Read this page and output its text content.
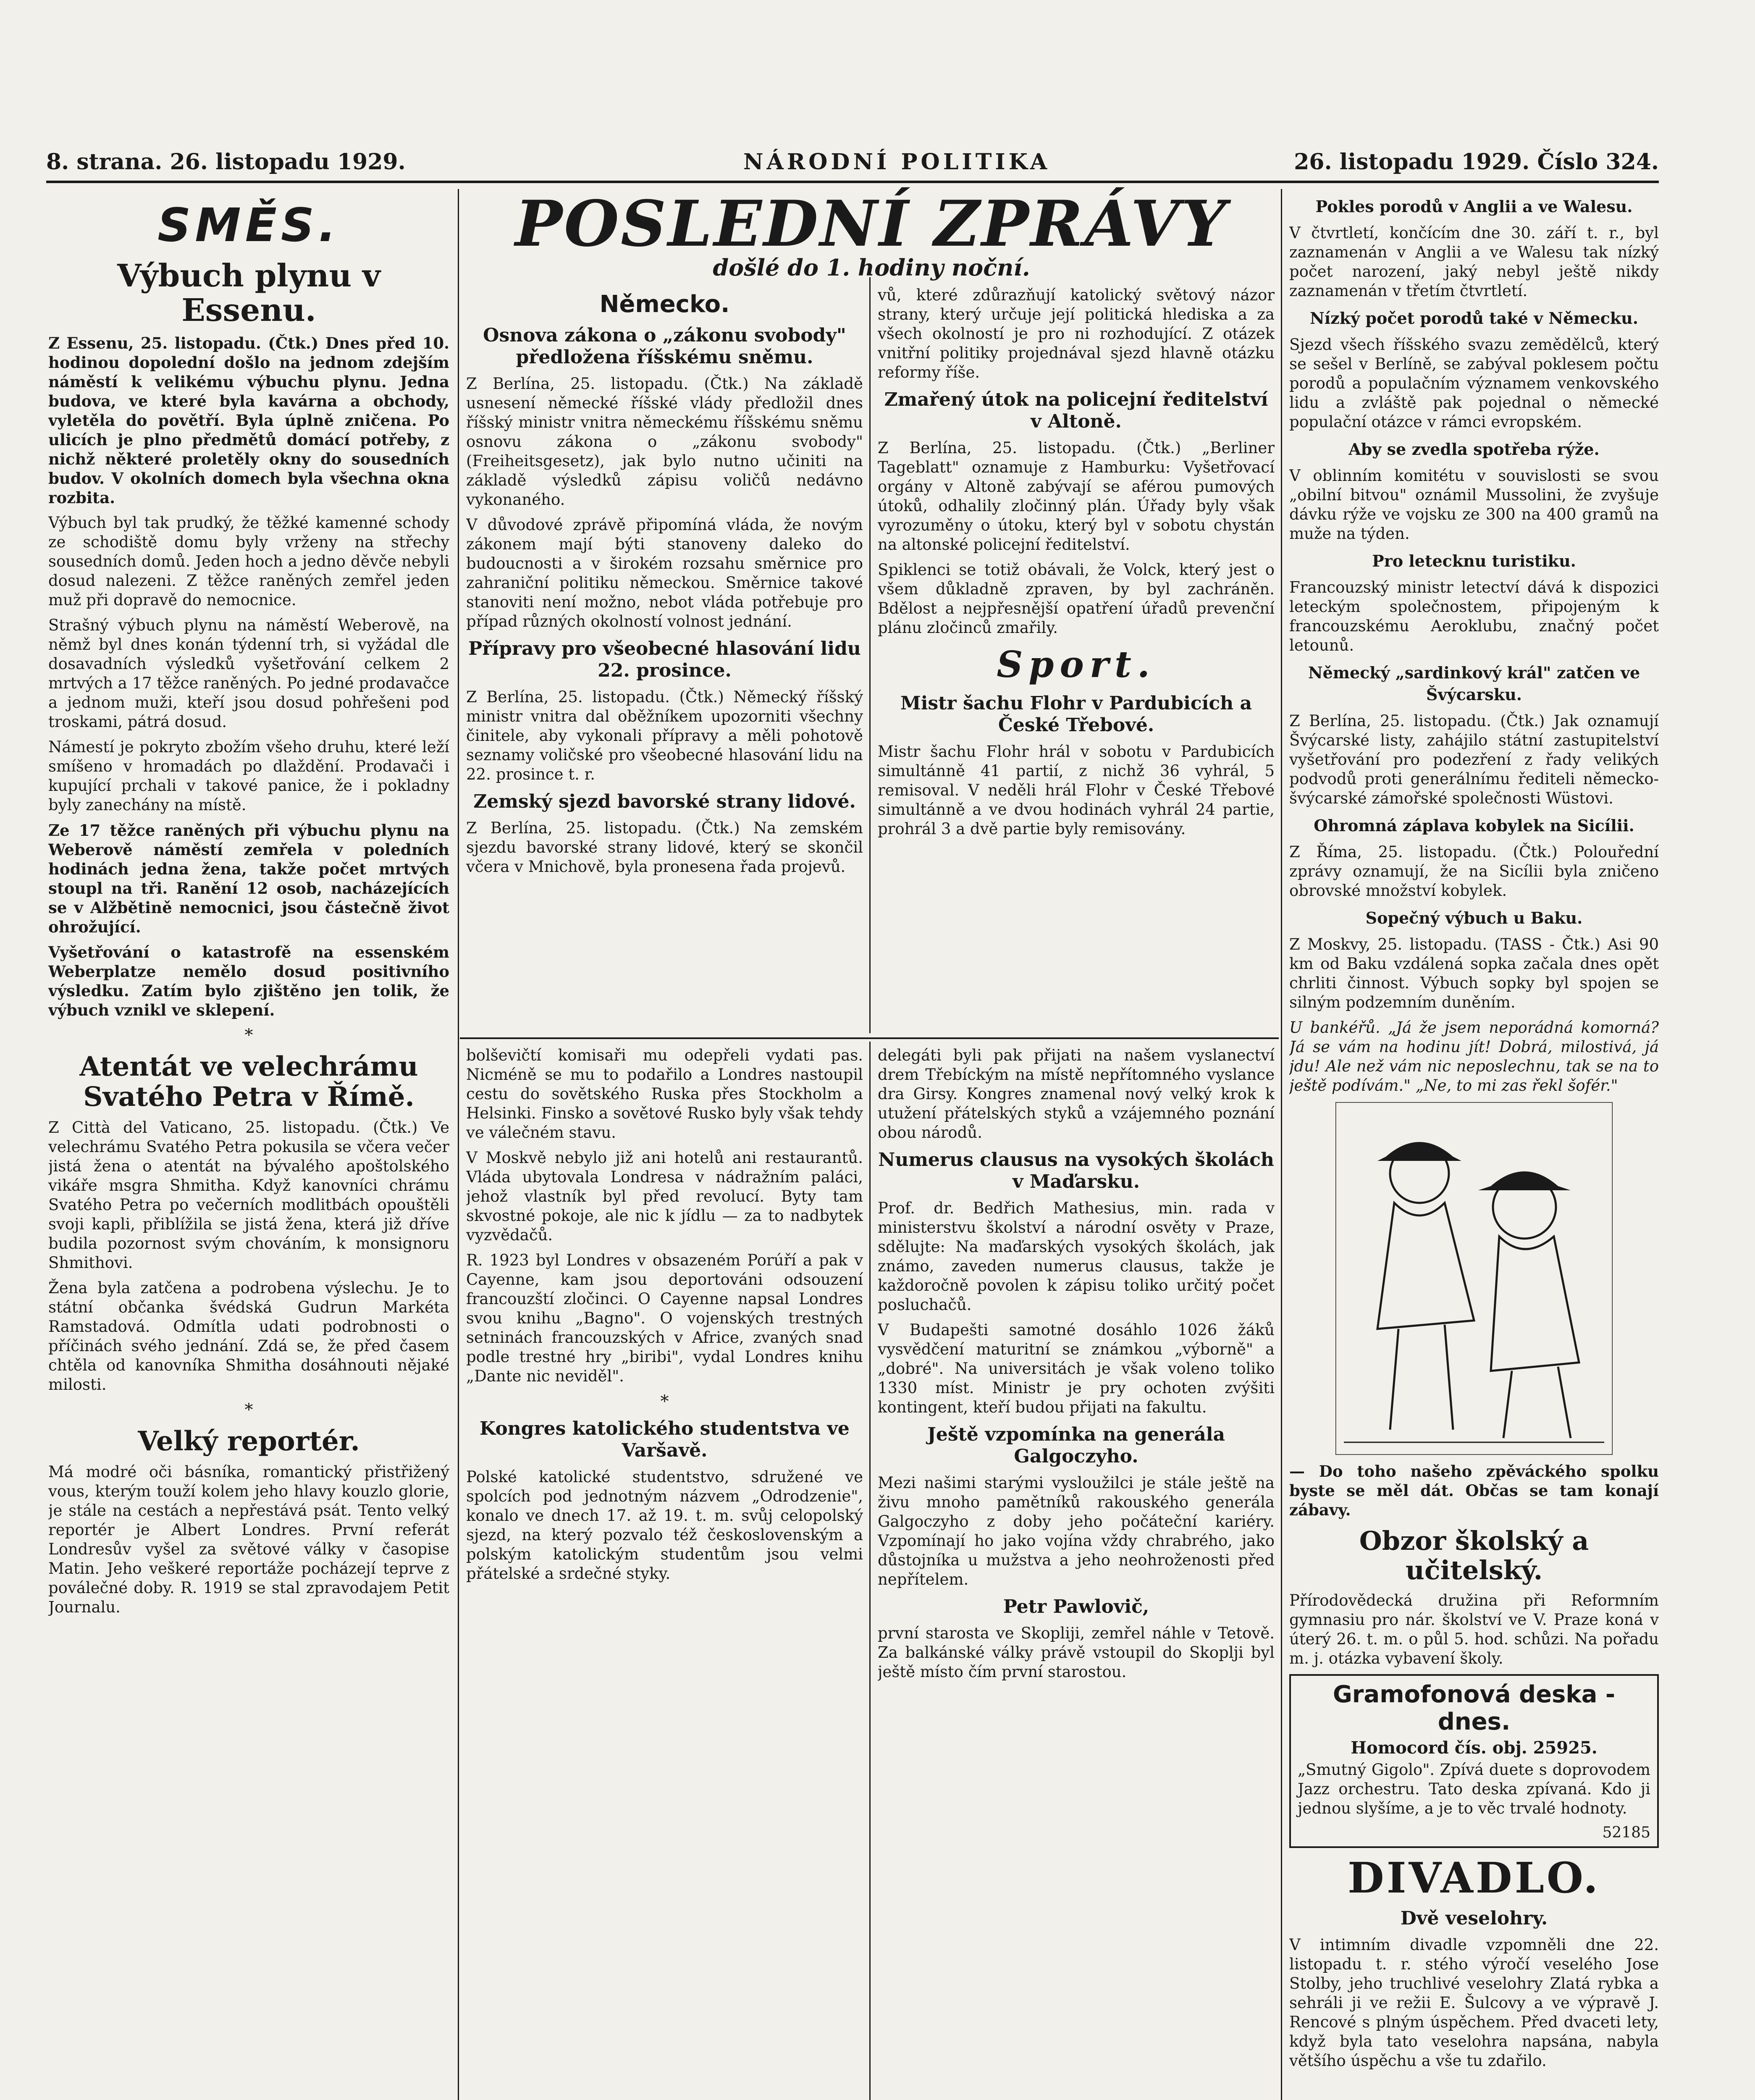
8. strana. 26. listopadu 1929.	NÁRODNÍ POLITIKA	26. listopadu 1929. Číslo 324.
SMĚS.
Výbuch plynu v Essenu.

Z Essenu, 25. listopadu. (Čtk.) Dnes před 10. hodinou dopolední došlo na jednom zdejším náměstí k velikému výbuchu plynu. Jedna budova, ve které byla kavárna a obchody, vyletěla do povětří. Byla úplně zničena. Po ulicích je plno předmětů domácí potřeby, z nichž některé proletěly okny do sousedních budov. V okolních domech byla všechna okna rozbita.

Výbuch byl tak prudký, že těžké kamenné schody ze schodiště domu byly vrženy na střechy sousedních domů. Jeden hoch a jedno děvče nebyli dosud nalezeni. Z těžce raněných zemřel jeden muž při dopravě do nemocnice.

Strašný výbuch plynu na náměstí Weberově, na němž byl dnes konán týdenní trh, si vyžádal dle dosavadních výsledků vyšetřování celkem 2 mrtvých a 17 těžce raněných. Po jedné prodavačce a jednom muži, kteří jsou dosud pohřešeni pod troskami, pátrá dosud.

Námestí je pokryto zbožím všeho druhu, které leží smíšeno v hromadách po dlaždění. Prodavači i kupující prchali v takové panice, že i pokladny byly zanechány na místě.

Ze 17 těžce raněných při výbuchu plynu na Weberově náměstí zemřela v poledních hodinách jedna žena, takže počet mrtvých stoupl na tři. Ranění 12 osob, nacházejících se v Alžbětině nemocnici, jsou částečně život ohrožující.

Vyšetřování o katastrofě na essenském Weberplatze nemělo dosud positivního výsledku. Zatím bylo zjištěno jen tolik, že výbuch vznikl ve sklepení.

*
Atentát ve velechrámu Svatého Petra v Římě.

Z Città del Vaticano, 25. listopadu. (Čtk.) Ve velechrámu Svatého Petra pokusila se včera večer jistá žena o atentát na bývalého apoštolského vikáře msgra Shmitha. Když kanovníci chrámu Svatého Petra po večerních modlitbách opouštěli svoji kapli, přiblížila se jistá žena, která již dříve budila pozornost svým chováním, k monsignoru Shmithovi.

Žena byla zatčena a podrobena výslechu. Je to státní občanka švédská Gudrun Markéta Ramstadová. Odmítla udati podrobnosti o příčinách svého jednání. Zdá se, že před časem chtěla od kanovníka Shmitha dosáhnouti nějaké milosti.

*
Velký reportér.

Má modré oči básníka, romantický přistřižený vous, kterým touží kolem jeho hlavy kouzlo glorie, je stále na cestách a nepřestává psát. Tento velký reportér je Albert Londres. První referát Londresův vyšel za světové války v časopise Matin. Jeho veškeré reportáže pocházejí teprve z poválečné doby. R. 1919 se stal zpravodajem Petit Journalu.

POSLEDNÍ ZPRÁVY
došlé do 1. hodiny noční.
Německo.
Osnova zákona o „zákonu svobody" předložena říšskému sněmu.

Z Berlína, 25. listopadu. (Čtk.) Na základě usnesení německé říšské vlády předložil dnes říšský ministr vnitra německému říšskému sněmu osnovu zákona o „zákonu svobody" (Freiheitsgesetz), jak bylo nutno učiniti na základě výsledků zápisu voličů nedávno vykonaného.

V důvodové zprávě připomíná vláda, že novým zákonem mají býti stanoveny daleko do budoucnosti a v širokém rozsahu směrnice pro zahraniční politiku německou. Směrnice takové stanoviti není možno, nebot vláda potřebuje pro případ různých okolností volnost jednání.

Přípravy pro všeobecné hlasování lidu 22. prosince.

Z Berlína, 25. listopadu. (Čtk.) Německý říšský ministr vnitra dal oběžníkem upozorniti všechny činitele, aby vykonali přípravy a měli pohotově seznamy voličské pro všeobecné hlasování lidu na 22. prosince t. r.

Zemský sjezd bavorské strany lidové.

Z Berlína, 25. listopadu. (Čtk.) Na zemském sjezdu bavorské strany lidové, který se skončil včera v Mnichově, byla pronesena řada projevů.

vů, které zdůrazňují katolický světový názor strany, který určuje její politická hlediska a za všech okolností je pro ni rozhodující. Z otázek vnitřní politiky projednával sjezd hlavně otázku reformy říše.

Zmařený útok na policejní ředitelství v Altoně.

Z Berlína, 25. listopadu. (Čtk.) „Berliner Tageblatt" oznamuje z Hamburku: Vyšetřovací orgány v Altoně zabývají se aférou pumových útoků, odhalily zločinný plán. Úřady byly však vyrozuměny o útoku, který byl v sobotu chystán na altonské policejní ředitelství.

Spiklenci se totiž obávali, že Volck, který jest o všem důkladně zpraven, by byl zachráněn. Bdělost a nejpřesnější opatření úřadů prevenční plánu zločinců zmařily.

Sport.
Mistr šachu Flohr v Pardubicích a České Třebové.

Mistr šachu Flohr hrál v sobotu v Pardubicích simultánně 41 partií, z nichž 36 vyhrál, 5 remisoval. V neděli hrál Flohr v České Třebové simultánně a ve dvou hodinách vyhrál 24 partie, prohrál 3 a dvě partie byly remisovány.

bolševičtí komisaři mu odepřeli vydati pas. Nicméně se mu to podařilo a Londres nastoupil cestu do sovětského Ruska přes Stockholm a Helsinki. Finsko a sovětové Rusko byly však tehdy ve válečném stavu.

V Moskvě nebylo již ani hotelů ani restaurantů. Vláda ubytovala Londresa v nádražním paláci, jehož vlastník byl před revolucí. Byty tam skvostné pokoje, ale nic k jídlu — za to nadbytek vyzvědačů.

R. 1923 byl Londres v obsazeném Porúří a pak v Cayenne, kam jsou deportováni odsouzení francouzští zločinci. O Cayenne napsal Londres svou knihu „Bagno". O vojenských trestných setninách francouzských v Africe, zvaných snad podle trestné hry „biribi", vydal Londres knihu „Dante nic neviděl".

*
Kongres katolického studentstva ve Varšavě.

Polské katolické studentstvo, sdružené ve spolcích pod jednotným názvem „Odrodzenie", konalo ve dnech 17. až 19. t. m. svůj celopolský sjezd, na který pozvalo též československým a polským katolickým studentům jsou velmi přátelské a srdečné styky.

delegáti byli pak přijati na našem vyslanectví drem Třebíckým na místě nepřítomného vyslance dra Girsy. Kongres znamenal nový velký krok k utužení přátelských styků a vzájemného poznání obou národů.

Numerus clausus na vysokých školách v Maďarsku.

Prof. dr. Bedřich Mathesius, min. rada v ministerstvu školství a národní osvěty v Praze, sdělujte: Na maďarských vysokých školách, jak známo, zaveden numerus clausus, takže je každoročně povolen k zápisu toliko určitý počet posluchačů.

V Budapešti samotné dosáhlo 1026 žáků vysvědčení maturitní se známkou „výborně" a „dobré". Na universitách je však voleno toliko 1330 míst. Ministr je pry ochoten zvýšiti kontingent, kteří budou přijati na fakultu.

Ještě vzpomínka na generála Galgoczyho.

Mezi našimi starými vysloužilci je stále ještě na živu mnoho pamětníků rakouského generála Galgoczyho z doby jeho počáteční kariéry. Vzpomínají ho jako vojína vždy chrabrého, jako důstojníka u mužstva a jeho neohroženosti před nepřítelem.

Petr Pawlovič,

první starosta ve Skopliji, zemřel náhle v Tetově. Za balkánské války právě vstoupil do Skoplji byl ještě místo čím první starostou.

Pokles porodů v Anglii a ve Walesu.

V čtvrtletí, končícím dne 30. září t. r., byl zaznamenán v Anglii a ve Walesu tak nízký počet narození, jaký nebyl ještě nikdy zaznamenán v třetím čtvrtletí.

Nízký počet porodů také v Německu.

Sjezd všech říšského svazu zemědělců, který se sešel v Berlíně, se zabýval poklesem počtu porodů a populačním významem venkovského lidu a zvláště pak pojednal o německé populační otázce v rámci evropském.

Aby se zvedla spotřeba rýže.

V oblinním komitétu v souvislosti se svou „obilní bitvou" oznámil Mussolini, že zvyšuje dávku rýže ve vojsku ze 300 na 400 gramů na muže na týden.

Pro letecknu turistiku.

Francouzský ministr letectví dává k dispozici leteckým společnostem, připojeným k francouzskému Aeroklubu, značný počet letounů.

Německý „sardinkový král" zatčen ve Švýcarsku.

Z Berlína, 25. listopadu. (Čtk.) Jak oznamují Švýcarské listy, zahájilo státní zastupitelství vyšetřování pro podezření z řady velikých podvodů proti generálnímu řediteli německo-švýcarské zámořské společnosti Wüstovi.

Ohromná záplava kobylek na Sicílii.

Z Říma, 25. listopadu. (Čtk.) Polouřední zprávy oznamují, že na Sicílii byla zničeno obrovské množství kobylek.

Sopečný výbuch u Baku.

Z Moskvy, 25. listopadu. (TASS - Čtk.) Asi 90 km od Baku vzdálená sopka začala dnes opět chrliti činnost. Výbuch sopky byl spojen se silným podzemním duněním.

U bankéřů. „Já že jsem neporádná komorná? Já se vám na hodinu jít! Dobrá, milostivá, já jdu! Ale než vám nic neposlechnu, tak se na to ještě podívám." „Ne, to mi zas řekl šofér."

— Do toho našeho zpěváckého spolku byste se měl dát. Občas se tam konají zábavy.

Obzor školský a učitelský.

Přírodovědecká družina při Reformním gymnasiu pro nár. školství ve V. Praze koná v úterý 26. t. m. o půl 5. hod. schůzi. Na pořadu m. j. otázka vybavení školy.

Gramofonová deska - dnes.
Homocord čís. obj. 25925.

„Smutný Gigolo". Zpívá duete s doprovodem Jazz orchestru. Tato deska zpívaná. Kdo ji jednou slyšíme, a je to věc trvalé hodnoty.

52185
DIVADLO.
Dvě veselohry.

V intimním divadle vzpomněli dne 22. listopadu t. r. stého výročí veselého Jose Stolby, jeho truchlivé veselohry Zlatá rybka a sehráli ji ve režii E. Šulcovy a ve výpravě J. Rencové s plným úspěchem. Před dvaceti lety, když byla tato veselohra napsána, nabyla většího úspěchu a vše tu zdařilo.
